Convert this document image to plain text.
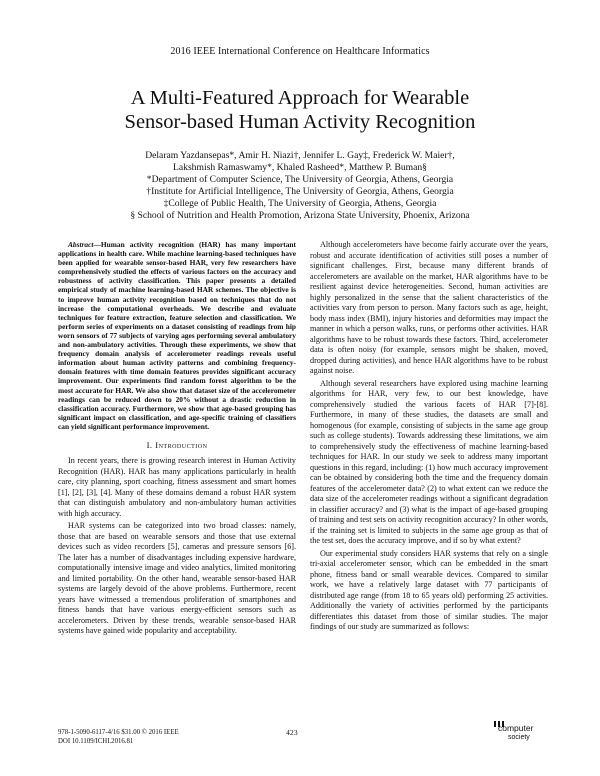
2016 IEEE International Conference on Healthcare Informatics
A Multi-Featured Approach for Wearable
Sensor-based Human Activity Recognition
Delaram Yazdansepas*, Amir H. Niazi†, Jennifer L. Gay‡, Frederick W. Maier†,
Lakshmish Ramaswamy*, Khaled Rasheed*, Matthew P. Buman§
*Department of Computer Science, The University of Georgia, Athens, Georgia
†Institute for Artificial Intelligence, The University of Georgia, Athens, Georgia
‡College of Public Health, The University of Georgia, Athens, Georgia
§ School of Nutrition and Health Promotion, Arizona State University, Phoenix, Arizona
Abstract—Human activity recognition (HAR) has many important applications in health care. While machine learning-based techniques have been applied for wearable sensor-based HAR, very few researchers have comprehensively studied the effects of various factors on the accuracy and robustness of activity classification. This paper presents a detailed empirical study of machine learning-based HAR schemes. The objective is to improve human activity recognition based on techniques that do not increase the computational overheads. We describe and evaluate techniques for feature extraction, feature selection and classification. We perform series of experiments on a dataset consisting of readings from hip worn sensors of 77 subjects of varying ages performing several ambulatory and non-ambulatory activities. Through these experiments, we show that frequency domain analysis of accelerometer readings reveals useful information about human activity patterns and combining frequency-domain features with time domain features provides significant accuracy improvement. Our experiments find random forest algorithm to be the most accurate for HAR. We also show that dataset size of the accelerometer readings can be reduced down to 20% without a drastic reduction in classification accuracy. Furthermore, we show that age-based grouping has significant impact on classification, and age-specific training of classifiers can yield significant performance improvement.
I. Introduction

In recent years, there is growing research interest in Human Activity Recognition (HAR). HAR has many applications particularly in health care, city planning, sport coaching, fitness assessment and smart homes [1], [2], [3], [4]. Many of these domains demand a robust HAR system that can distinguish ambulatory and non-ambulatory human activities with high accuracy.

HAR systems can be categorized into two broad classes: namely, those that are based on wearable sensors and those that use external devices such as video recorders [5], cameras and pressure sensors [6]. The later has a number of disadvantages including expensive hardware, computationally intensive image and video analytics, limited monitoring and limited portability. On the other hand, wearable sensor-based HAR systems are largely devoid of the above problems. Furthermore, recent years have witnessed a tremendous proliferation of smartphones and fitness bands that have various energy-efficient sensors such as accelerometers. Driven by these trends, wearable sensor-based HAR systems have gained wide popularity and acceptability.

Although accelerometers have become fairly accurate over the years, robust and accurate identification of activities still poses a number of significant challenges. First, because many different brands of accelerometers are available on the market, HAR algorithms have to be resilient against device heterogeneities. Second, human activities are highly personalized in the sense that the salient characteristics of the activities vary from person to person. Many factors such as age, height, body mass index (BMI), injury histories and deformities may impact the manner in which a person walks, runs, or performs other activities. HAR algorithms have to be robust towards these factors. Third, accelerometer data is often noisy (for example, sensors might be shaken, moved, dropped during activities), and hence HAR algorithms have to be robust against noise.

Although several researchers have explored using machine learning algorithms for HAR, very few, to our best knowledge, have comprehensively studied the various facets of HAR [7]-[8]. Furthermore, in many of these studies, the datasets are small and homogenous (for example, consisting of subjects in the same age group such as college students). Towards addressing these limitations, we aim to comprehensively study the effectiveness of machine learning-based techniques for HAR. In our study we seek to address many important questions in this regard, including: (1) how much accuracy improvement can be obtained by considering both the time and the frequency domain features of the accelerometer data? (2) to what extent can we reduce the data size of the accelerometer readings without a significant degradation in classifier accuracy? and (3) what is the impact of age-based grouping of training and test sets on activity recognition accuracy? In other words, if the training set is limited to subjects in the same age group as that of the test set, does the accuracy improve, and if so by what extent?

Our experimental study considers HAR systems that rely on a single tri-axial accelerometer sensor, which can be embedded in the smart phone, fitness band or small wearable devices. Compared to similar work, we have a relatively large dataset with 77 participants of distributed age range (from 18 to 65 years old) performing 25 activities. Additionally the variety of activities performed by the participants differentiates this dataset from those of similar studies. The major findings of our study are summarized as follows:

978-1-5090-6117-4/16 $31.00 © 2016 IEEE
DOI 10.1109/ICHI.2016.81
423	computer
society
